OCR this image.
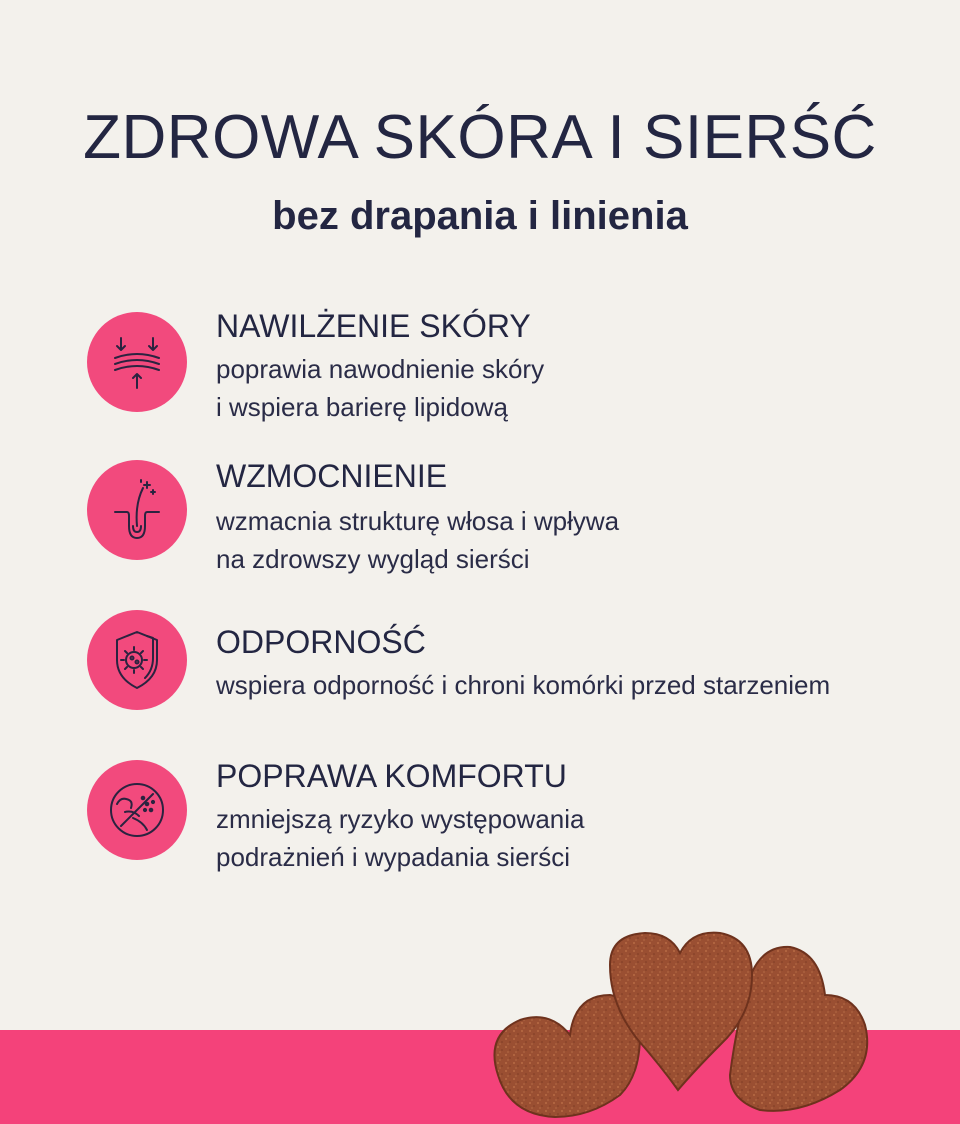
ZDROWA SKÓRA I SIERŚĆ
bez drapania i linienia
NAWILŻENIE SKÓRY
poprawia nawodnienie skóry
i wspiera barierę lipidową
WZMOCNIENIE
wzmacnia strukturę włosa i wpływa
na zdrowszy wygląd sierści
ODPORNOŚĆ
wspiera odporność i chroni komórki przed starzeniem
POPRAWA KOMFORTU
zmniejszą ryzyko występowania
podrażnień i wypadania sierści
